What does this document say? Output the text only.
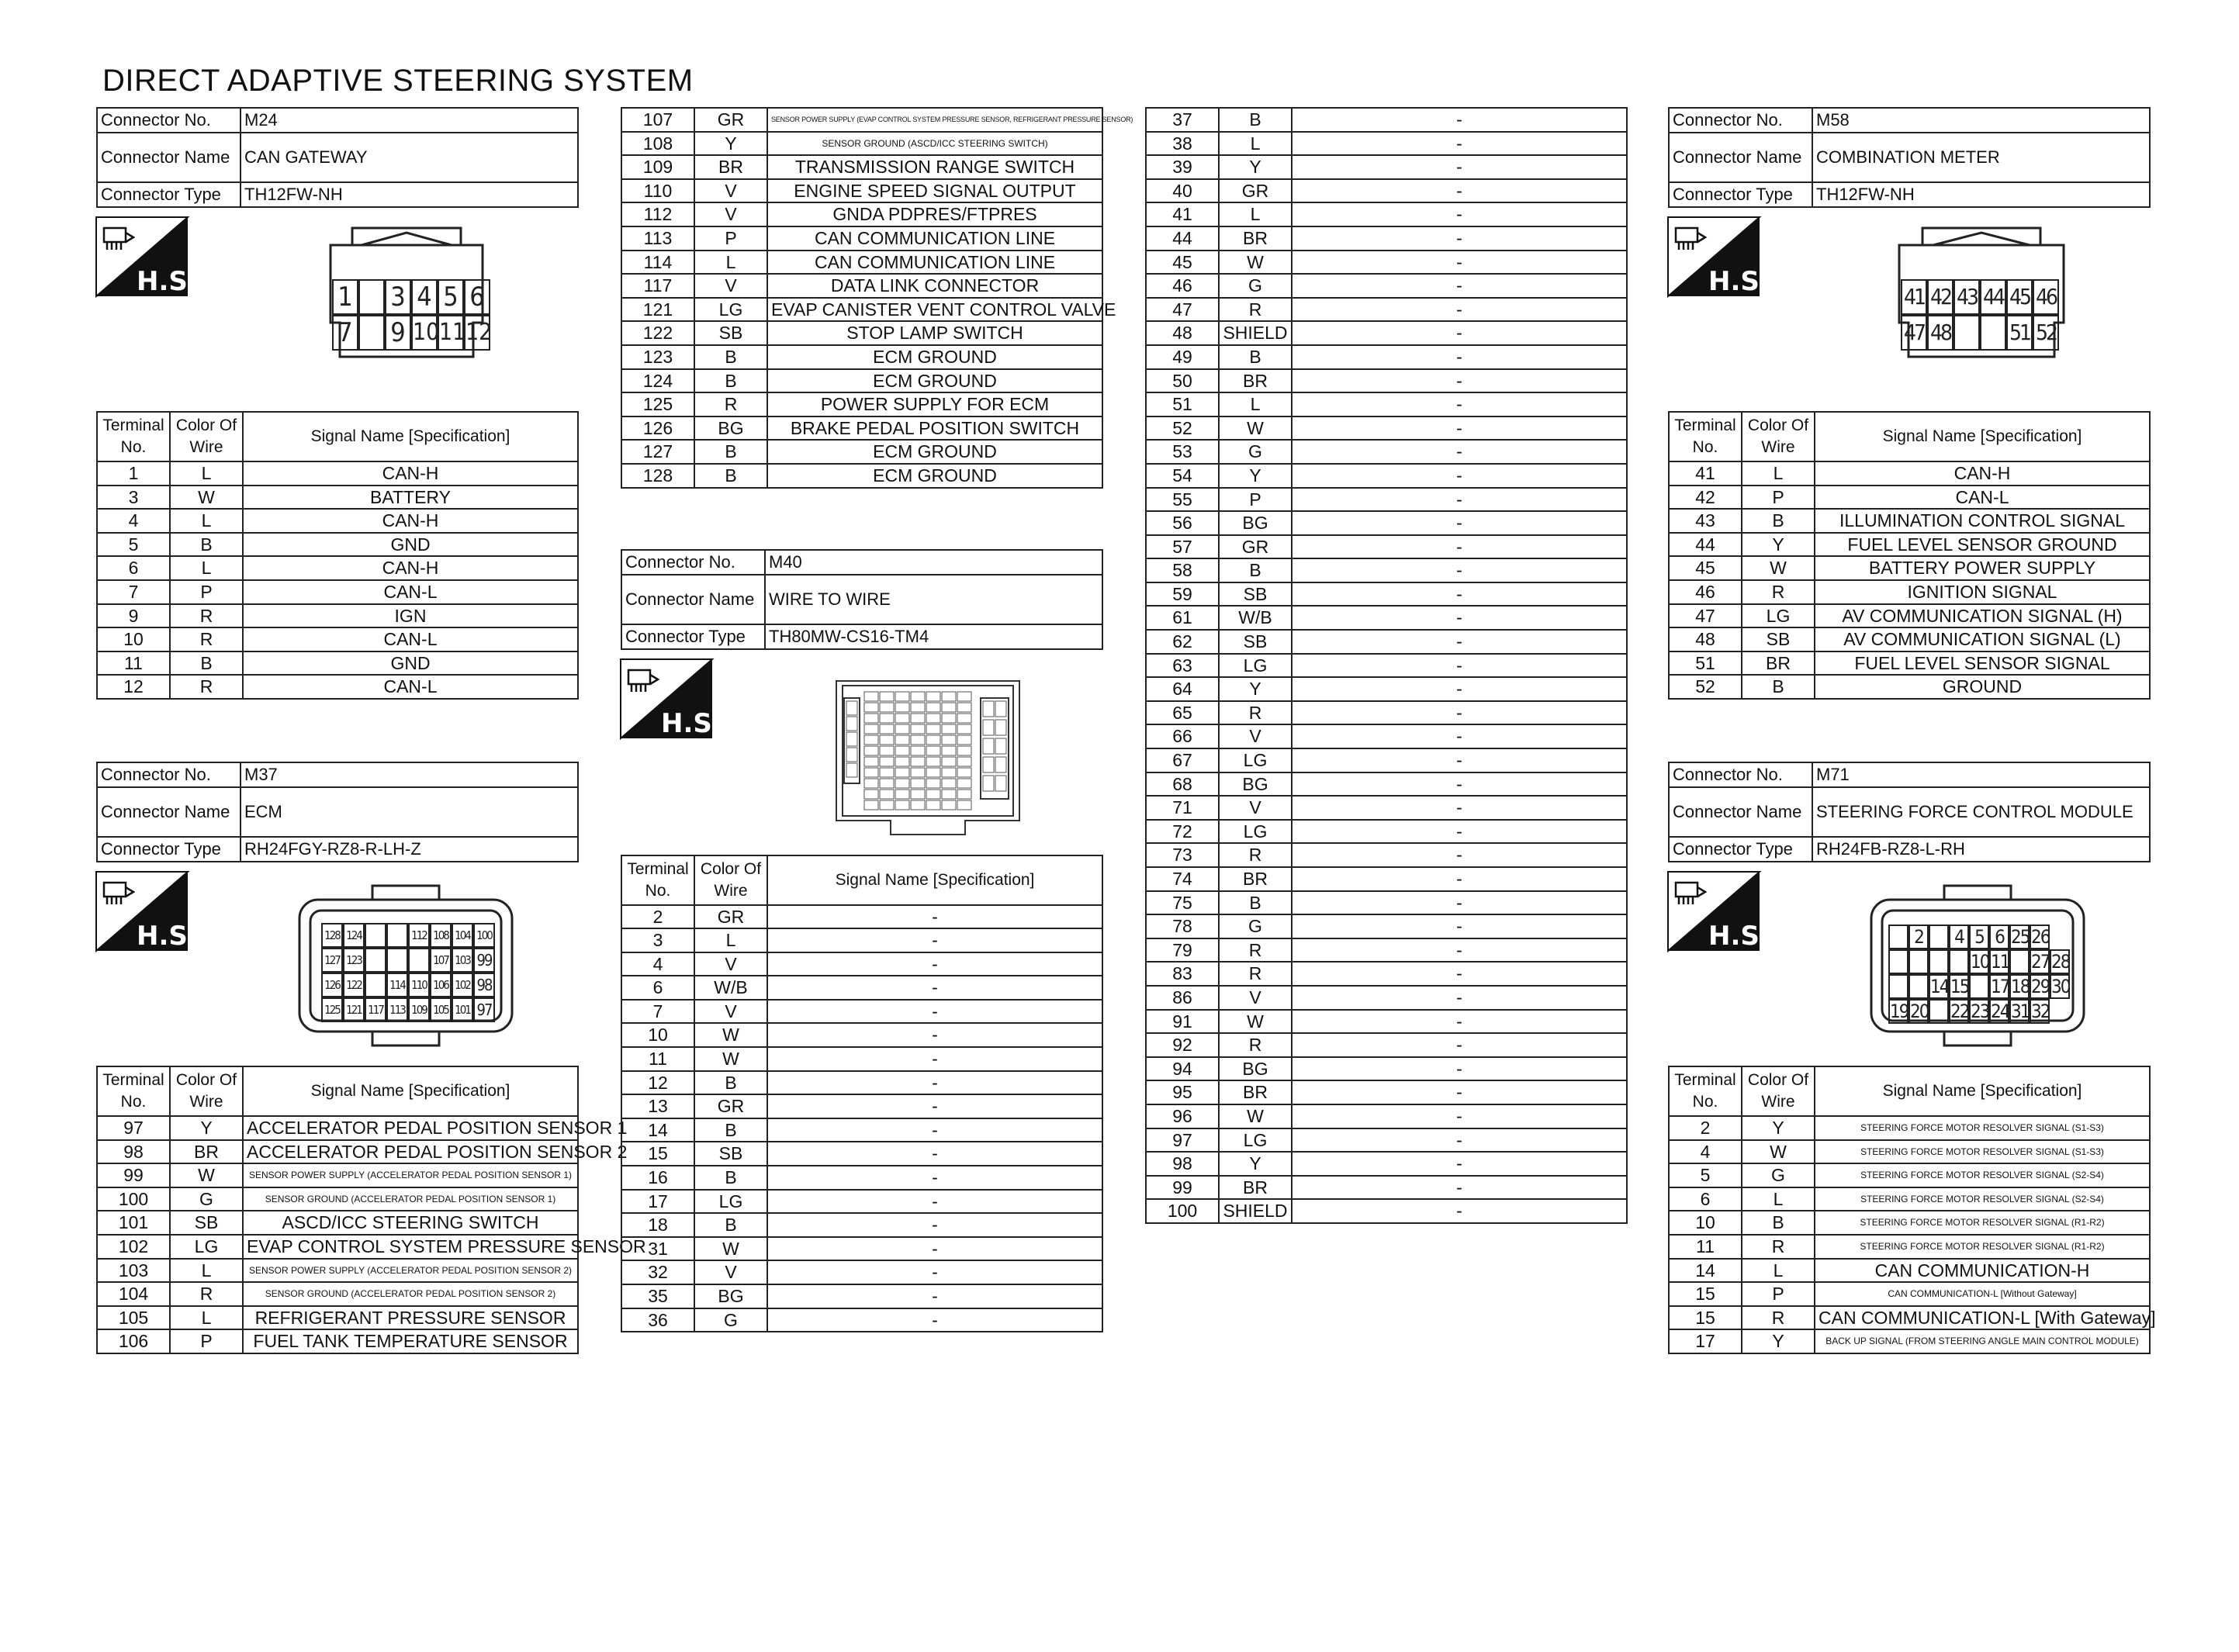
DIRECT ADAPTIVE STEERING SYSTEM
Connector No.	M24
Connector Name	CAN GATEWAY
Connector Type	TH12FW-NH
H.S.	1 3 4 5 6
7 9 10 11 12
Terminal No.	Color Of Wire	Signal Name [Specification]
1	L	CAN-H
3	W	BATTERY
4	L	CAN-H
5	B	GND
6	L	CAN-H
7	P	CAN-L
9	R	IGN
10	R	CAN-L
11	B	GND
12	R	CAN-L
Connector No.	M37
Connector Name	ECM
Connector Type	RH24FGY-RZ8-R-LH-Z
H.S.	128 124	112 108 104 100
127 123	107 103 99
126 122 114 110 106 102 98
125 121 117 113 109 105 101 97
Terminal No.	Color Of Wire	Signal Name [Specification]
97	Y	ACCELERATOR PEDAL POSITION SENSOR 1
98	BR	ACCELERATOR PEDAL POSITION SENSOR 2
99	W	SENSOR POWER SUPPLY (ACCELERATOR PEDAL POSITION SENSOR 1)
100	G	SENSOR GROUND (ACCELERATOR PEDAL POSITION SENSOR 1)
101	SB	ASCD/ICC STEERING SWITCH
102	LG	EVAP CONTROL SYSTEM PRESSURE SENSOR
103	L	SENSOR POWER SUPPLY (ACCELERATOR PEDAL POSITION SENSOR 2)
104	R	SENSOR GROUND (ACCELERATOR PEDAL POSITION SENSOR 2)
105	L	REFRIGERANT PRESSURE SENSOR
106	P	FUEL TANK TEMPERATURE SENSOR
107	GR	SENSOR POWER SUPPLY (EVAP CONTROL SYSTEM PRESSURE SENSOR, REFRIGERANT PRESSURE SENSOR)
108	Y	SENSOR GROUND (ASCD/ICC STEERING SWITCH)
109	BR	TRANSMISSION RANGE SWITCH
110	V	ENGINE SPEED SIGNAL OUTPUT
112	V	GNDA PDPRES/FTPRES
113	P	CAN COMMUNICATION LINE
114	L	CAN COMMUNICATION LINE
117	V	DATA LINK CONNECTOR
121	LG	EVAP CANISTER VENT CONTROL VALVE
122	SB	STOP LAMP SWITCH
123	B	ECM GROUND
124	B	ECM GROUND
125	R	POWER SUPPLY FOR ECM
126	BG	BRAKE PEDAL POSITION SWITCH
127	B	ECM GROUND
128	B	ECM GROUND
Connector No.	M40
Connector Name	WIRE TO WIRE
Connector Type	TH80MW-CS16-TM4
H.S.
Terminal No.	Color Of Wire	Signal Name [Specification]
2	GR	-
3	L	-
4	V	-
6	W/B	-
7	V	-
10	W	-
11	W	-
12	B	-
13	GR	-
14	B	-
15	SB	-
16	B	-
17	LG	-
18	B	-
31	W	-
32	V	-
35	BG	-
36	G	-
37	B	-
38	L	-
39	Y	-
40	GR	-
41	L	-
44	BR	-
45	W	-
46	G	-
47	R	-
48	SHIELD	-
49	B	-
50	BR	-
51	L	-
52	W	-
53	G	-
54	Y	-
55	P	-
56	BG	-
57	GR	-
58	B	-
59	SB	-
61	W/B	-
62	SB	-
63	LG	-
64	Y	-
65	R	-
66	V	-
67	LG	-
68	BG	-
71	V	-
72	LG	-
73	R	-
74	BR	-
75	B	-
78	G	-
79	R	-
83	R	-
86	V	-
91	W	-
92	R	-
94	BG	-
95	BR	-
96	W	-
97	LG	-
98	Y	-
99	BR	-
100	SHIELD	-
Connector No.	M58
Connector Name	COMBINATION METER
Connector Type	TH12FW-NH
H.S.	41 42 43 44 45 46
47 48	51 52
Terminal No.	Color Of Wire	Signal Name [Specification]
41	L	CAN-H
42	P	CAN-L
43	B	ILLUMINATION CONTROL SIGNAL
44	Y	FUEL LEVEL SENSOR GROUND
45	W	BATTERY POWER SUPPLY
46	R	IGNITION SIGNAL
47	LG	AV COMMUNICATION SIGNAL (H)
48	SB	AV COMMUNICATION SIGNAL (L)
51	BR	FUEL LEVEL SENSOR SIGNAL
52	B	GROUND
Connector No.	M71
Connector Name	STEERING FORCE CONTROL MODULE
Connector Type	RH24FB-RZ8-L-RH
H.S.	2 4 5 6 25 26
10 11 27 28
14 15 17 18 29 30
19 20 22 23 24 31 32
Terminal No.	Color Of Wire	Signal Name [Specification]
2	Y	STEERING FORCE MOTOR RESOLVER SIGNAL (S1-S3)
4	W	STEERING FORCE MOTOR RESOLVER SIGNAL (S1-S3)
5	G	STEERING FORCE MOTOR RESOLVER SIGNAL (S2-S4)
6	L	STEERING FORCE MOTOR RESOLVER SIGNAL (S2-S4)
10	B	STEERING FORCE MOTOR RESOLVER SIGNAL (R1-R2)
11	R	STEERING FORCE MOTOR RESOLVER SIGNAL (R1-R2)
14	L	CAN COMMUNICATION-H
15	P	CAN COMMUNICATION-L [Without Gateway]
15	R	CAN COMMUNICATION-L [With Gateway]
17	Y	BACK UP SIGNAL (FROM STEERING ANGLE MAIN CONTROL MODULE)
